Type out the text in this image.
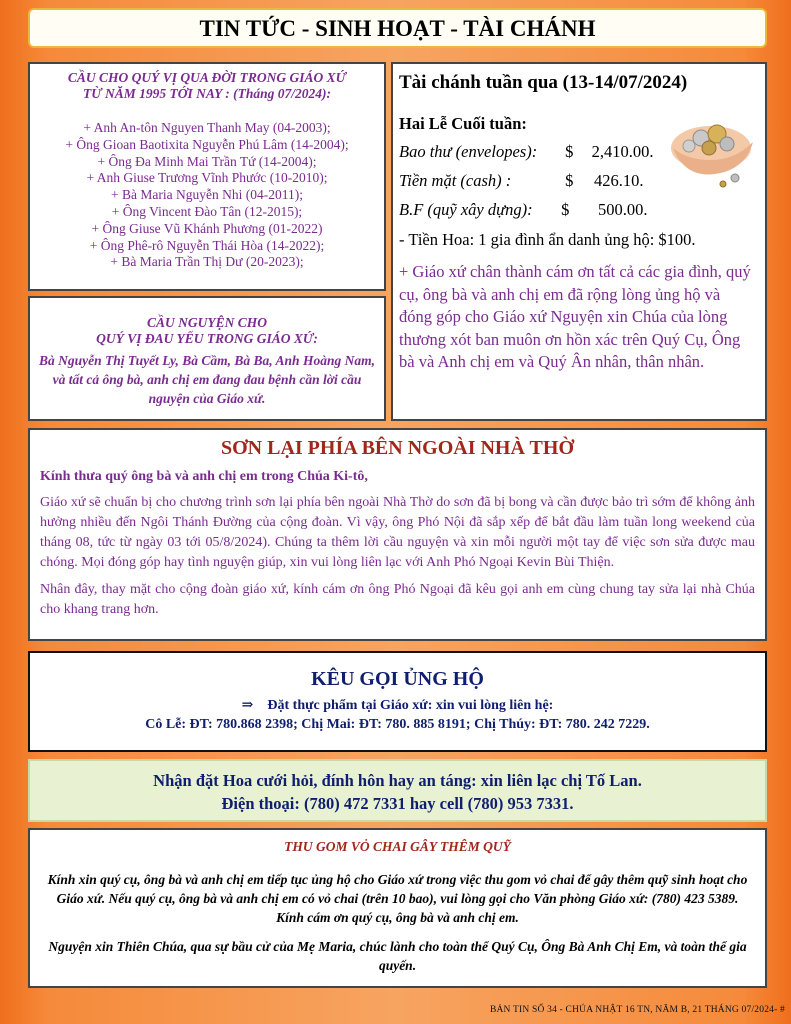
TIN TỨC - SINH HOẠT - TÀI CHÁNH
CẦU CHO QUÝ VỊ QUA ĐỜI TRONG GIÁO XỨ
TỪ NĂM 1995 TỚI NAY : (Tháng 07/2024):
+ Anh An-tôn Nguyen Thanh May (04-2003);
+ Ông Gioan Baotixita Nguyễn Phú Lâm (14-2004);
+ Ông Đa Minh Mai Trần Tứ (14-2004);
+ Anh Giuse Trương Vĩnh Phước (10-2010);
+ Bà Maria Nguyễn Nhi (04-2011);
+ Ông Vincent Đào Tân (12-2015);
+ Ông Giuse Vũ Khánh Phương (01-2022)
+ Ông Phê-rô Nguyễn Thái Hòa (14-2022);
+ Bà Maria Trần Thị Dư (20-2023);
CẦU NGUYỆN CHO
QUÝ VỊ ĐAU YẾU TRONG GIÁO XỨ:
Bà Nguyễn Thị Tuyết Ly, Bà Cầm, Bà Ba, Anh Hoàng Nam, và tất cả ông bà, anh chị em đang đau bệnh cần lời cầu nguyện của Giáo xứ.
Tài chánh tuần qua (13-14/07/2024)
Hai Lễ Cuối tuần:
Bao thư (envelopes): $ 2,410.00.
Tiền mặt (cash) :	$ 426.10.
B.F (quỹ xây dựng): $ 500.00.
- Tiền Hoa: 1 gia đình ẩn danh ủng hộ: $100.
+ Giáo xứ chân thành cám ơn tất cả các gia đình, quý cụ, ông bà và anh chị em đã rộng lòng ủng hộ và đóng góp cho Giáo xứ Nguyện xin Chúa của lòng thương xót ban muôn ơn hồn xác trên Quý Cụ, Ông bà và Anh chị em và Quý Ân nhân, thân nhân.
SƠN LẠI PHÍA BÊN NGOÀI NHÀ THỜ
Kính thưa quý ông bà và anh chị em trong Chúa Ki-tô,

Giáo xứ sẽ chuẩn bị cho chương trình sơn lại phía bên ngoài Nhà Thờ do sơn đã bị bong và cần được bảo trì sớm để không ảnh hưởng nhiều đến Ngôi Thánh Đường của cộng đoàn. Vì vậy, ông Phó Nội đã sắp xếp để bắt đầu làm tuần long weekend của tháng 08, tức từ ngày 03 tới 05/8/2024). Chúng ta thêm lời cầu nguyện và xin mỗi người một tay để việc sơn sửa được mau chóng. Mọi đóng góp hay tình nguyện giúp, xin vui lòng liên lạc với Anh Phó Ngoại Kevin Bùi Thiện.

Nhân đây, thay mặt cho cộng đoàn giáo xứ, kính cám ơn ông Phó Ngoại đã kêu gọi anh em cùng chung tay sửa lại nhà Chúa cho khang trang hơn.

KÊU GỌI ỦNG HỘ
⇒ Đặt thực phẩm tại Giáo xứ: xin vui lòng liên hệ:
Cô Lễ: ĐT: 780.868 2398; Chị Mai: ĐT: 780. 885 8191; Chị Thúy: ĐT: 780. 242 7229.
Nhận đặt Hoa cưới hỏi, đính hôn hay an táng: xin liên lạc chị Tố Lan.
Điện thoại: (780) 472 7331 hay cell (780) 953 7331.
THU GOM VỎ CHAI GÂY THÊM QUỸ

Kính xin quý cụ, ông bà và anh chị em tiếp tục ủng hộ cho Giáo xứ trong việc thu gom vỏ chai để gây thêm quỹ sinh hoạt cho Giáo xứ. Nếu quý cụ, ông bà và anh chị em có vỏ chai (trên 10 bao), vui lòng gọi cho Văn phòng Giáo xứ: (780) 423 5389. Kính cám ơn quý cụ, ông bà và anh chị em.

Nguyện xin Thiên Chúa, qua sự bầu cử của Mẹ Maria, chúc lành cho toàn thể Quý Cụ, Ông Bà Anh Chị Em, và toàn thể gia quyến.

BẢN TIN SỐ 34 - CHÚA NHẬT 16 TN, NĂM B, 21 THÁNG 07/2024- #
